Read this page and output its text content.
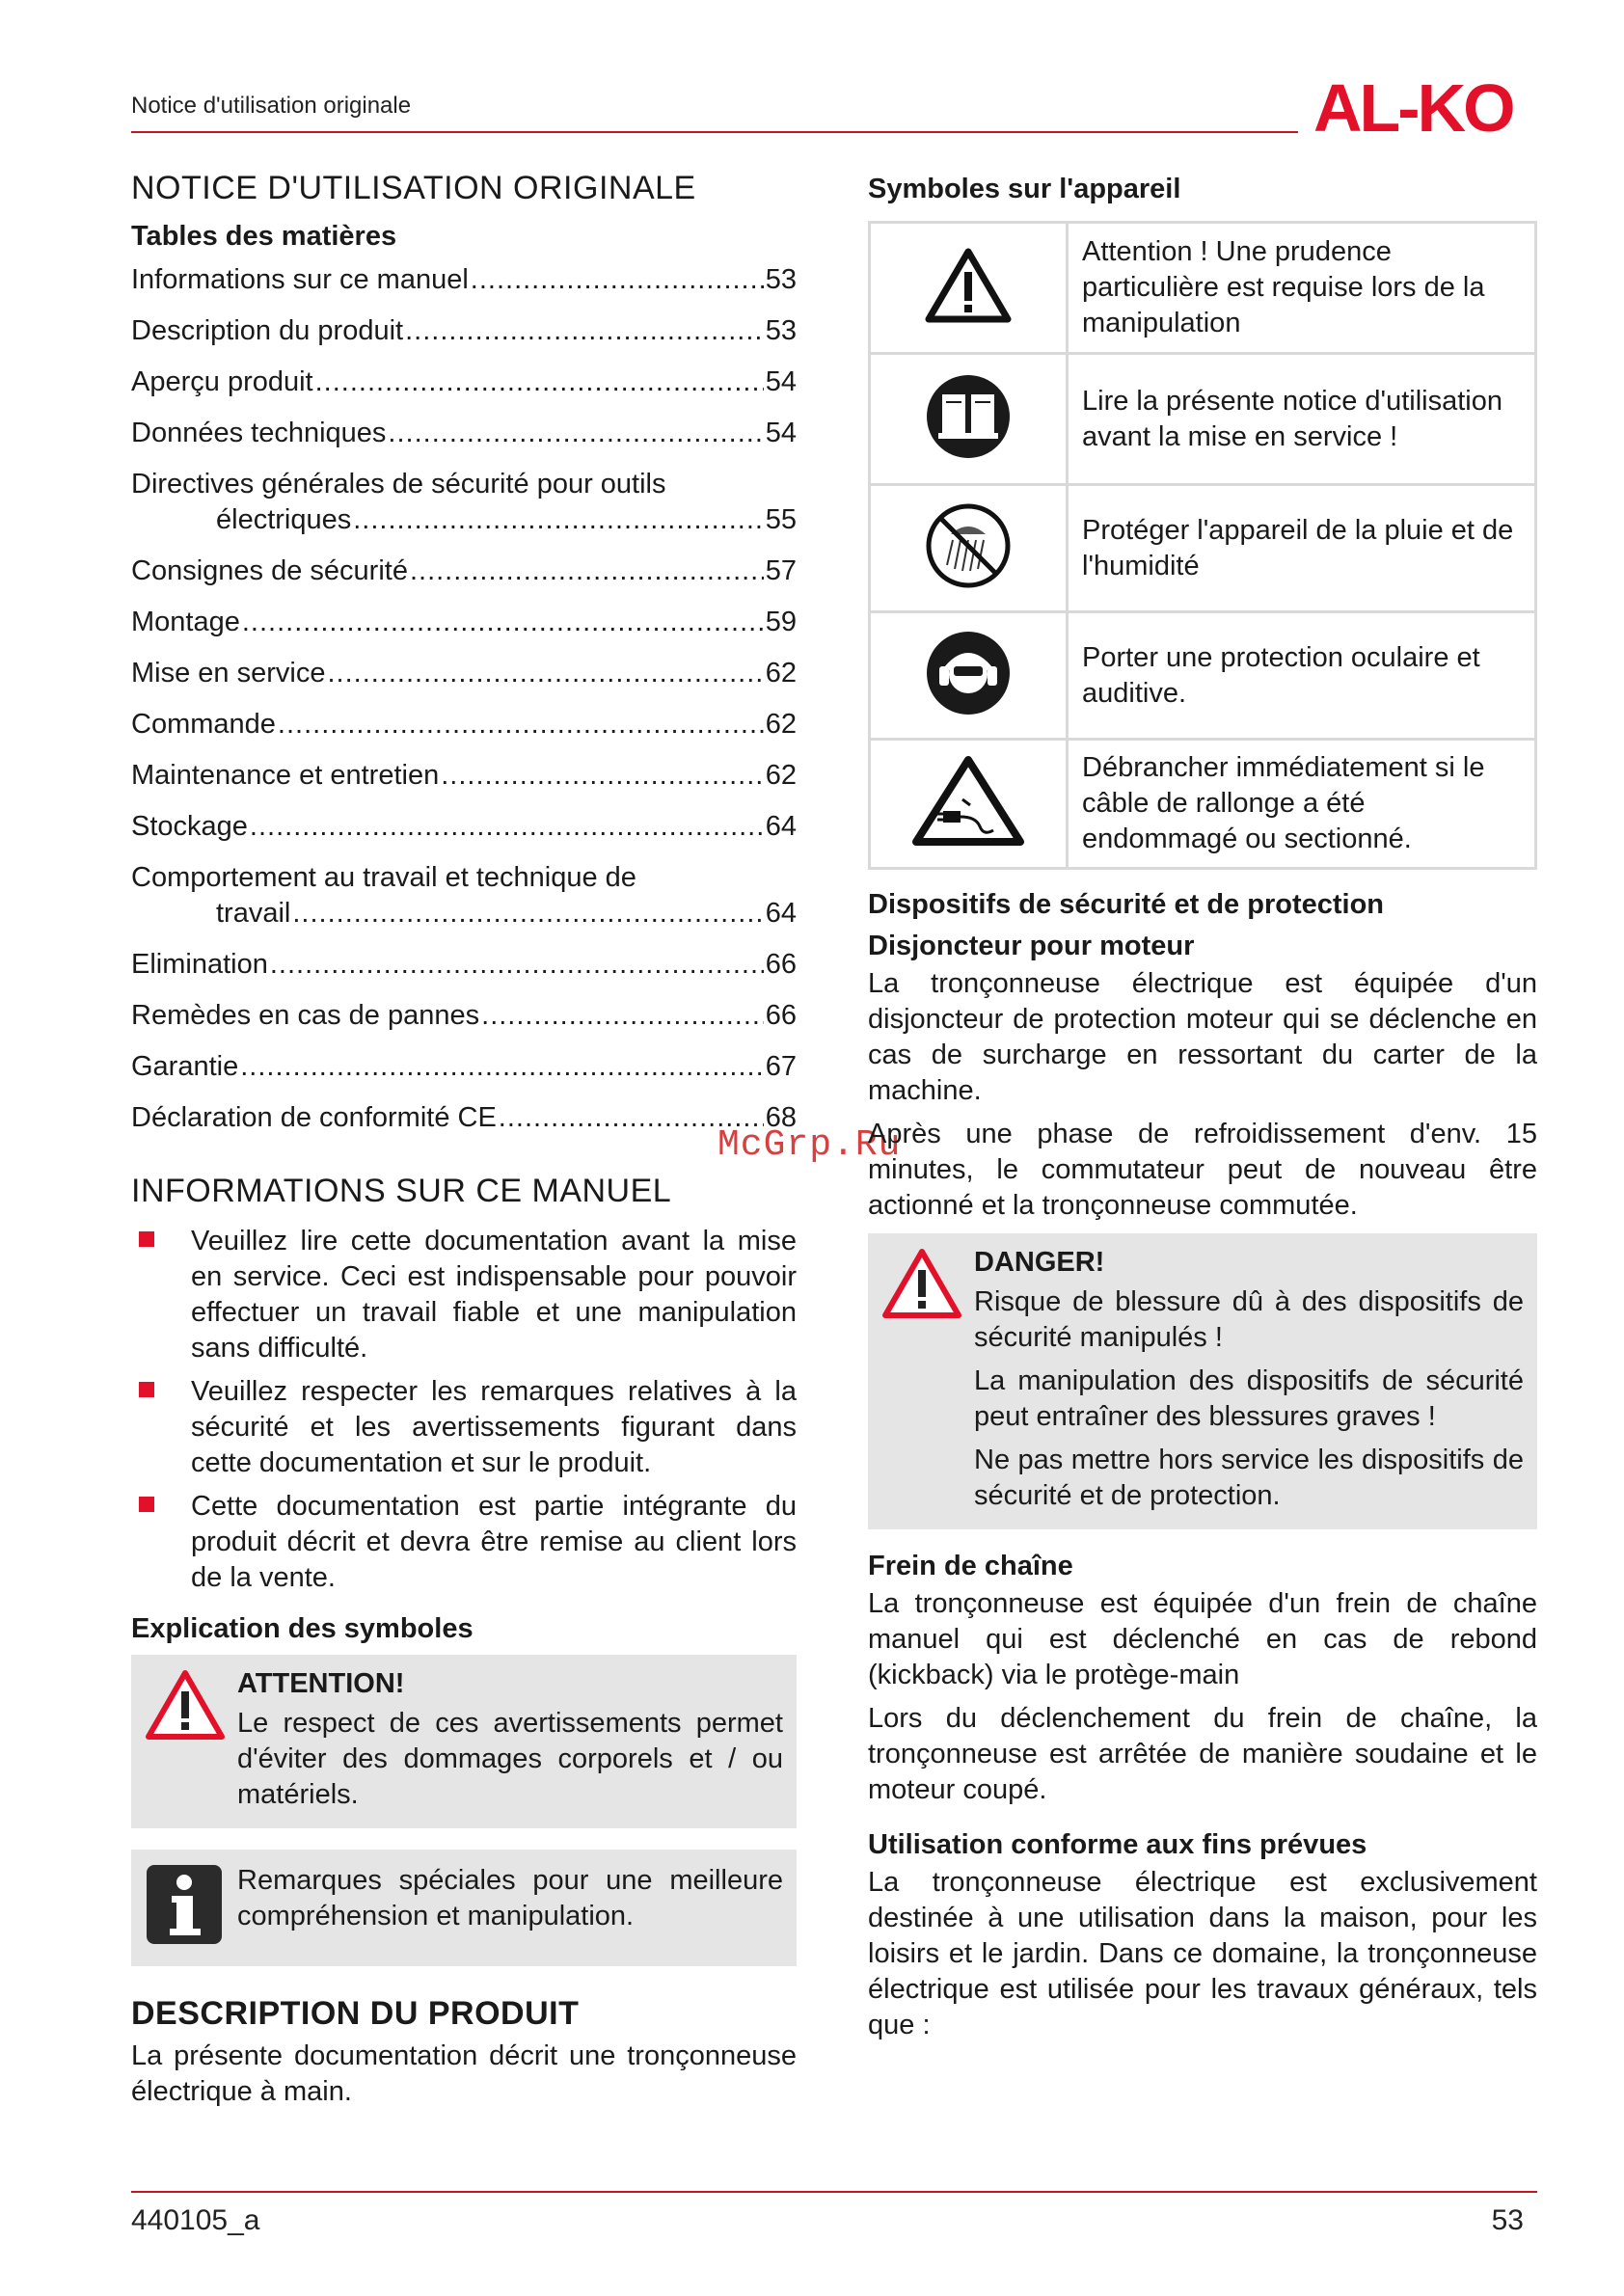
Notice d'utilisation originale	AL-KO
McGrp.Ru
NOTICE D'UTILISATION ORIGINALE
Tables des matières
Informations sur ce manuel .....	53
Description du produit .....	53
Aperçu produit .....	54
Données techniques .....	54
Directives générales de sécurité pour outils
électriques .....	55
Consignes de sécurité .....	57
Montage .....	59
Mise en service .....	62
Commande .....	62
Maintenance et entretien .....	62
Stockage .....	64
Comportement au travail et technique de
travail .....	64
Elimination .....	66
Remèdes en cas de pannes .....	66
Garantie .....	67
Déclaration de conformité CE .....	68
INFORMATIONS SUR CE MANUEL
Veuillez lire cette documentation avant la mise en service. Ceci est indispensable pour pouvoir effectuer un travail fiable et une manipulation sans difficulté.
Veuillez respecter les remarques relatives à la sécurité et les avertissements figurant dans cette documentation et sur le produit.
Cette documentation est partie intégrante du produit décrit et devra être remise au client lors de la vente.
Explication des symboles
ATTENTION!

Le respect de ces avertissements permet d'éviter des dommages corporels et / ou matériels.

Remarques spéciales pour une meilleure compréhension et manipulation.

DESCRIPTION DU PRODUIT

La présente documentation décrit une tronçonneuse électrique à main.

Symboles sur l'appareil
	Attention ! Une prudence particulière est requise lors de la manipulation
	Lire la présente notice d'utilisation avant la mise en service !
	Protéger l'appareil de la pluie et de l'humidité
	Porter une protection oculaire et auditive.
	Débrancher immédiatement si le câble de rallonge a été endommagé ou sectionné.
Dispositifs de sécurité et de protection
Disjoncteur pour moteur

La tronçonneuse électrique est équipée d'un disjoncteur de protection moteur qui se déclenche en cas de surcharge en ressortant du carter de la machine.

Après une phase de refroidissement d'env. 15 minutes, le commutateur peut de nouveau être actionné et la tronçonneuse commutée.

DANGER!

Risque de blessure dû à des dispositifs de sécurité manipulés !

La manipulation des dispositifs de sécurité peut entraîner des blessures graves !

Ne pas mettre hors service les dispositifs de sécurité et de protection.

Frein de chaîne

La tronçonneuse est équipée d'un frein de chaîne manuel qui est déclenché en cas de rebond (kickback) via le protège-main

Lors du déclenchement du frein de chaîne, la tronçonneuse est arrêtée de manière soudaine et le moteur coupé.

Utilisation conforme aux fins prévues

La tronçonneuse électrique est exclusivement destinée à une utilisation dans la maison, pour les loisirs et le jardin. Dans ce domaine, la tronçonneuse électrique est utilisée pour les travaux généraux, tels que :

440105_a	53
